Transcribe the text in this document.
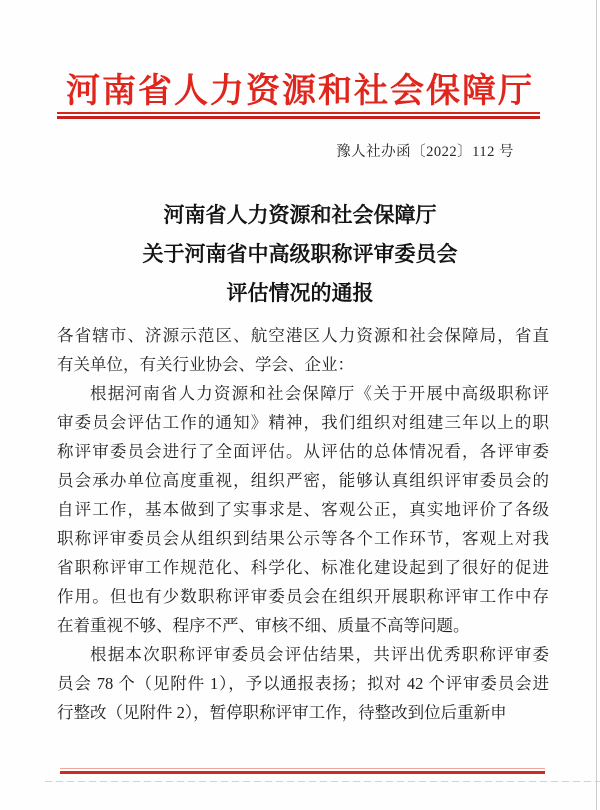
河南省人力资源和社会保障厅
豫人社办函〔2022〕112 号
河南省人力资源和社会保障厅
关于河南省中高级职称评审委员会
评估情况的通报
各省辖市、济源示范区、航空港区人力资源和社会保障局，省直
有关单位，有关行业协会、学会、企业：
根据河南省人力资源和社会保障厅《关于开展中高级职称评
审委员会评估工作的通知》精神，我们组织对组建三年以上的职
称评审委员会进行了全面评估。从评估的总体情况看，各评审委
员会承办单位高度重视，组织严密，能够认真组织评审委员会的
自评工作，基本做到了实事求是、客观公正，真实地评价了各级
职称评审委员会从组织到结果公示等各个工作环节，客观上对我
省职称评审工作规范化、科学化、标准化建设起到了很好的促进
作用。但也有少数职称评审委员会在组织开展职称评审工作中存
在着重视不够、程序不严、审核不细、质量不高等问题。
根据本次职称评审委员会评估结果，共评出优秀职称评审委
员会 78 个（见附件 1），予以通报表扬；拟对 42 个评审委员会进
行整改（见附件 2），暂停职称评审工作，待整改到位后重新申
